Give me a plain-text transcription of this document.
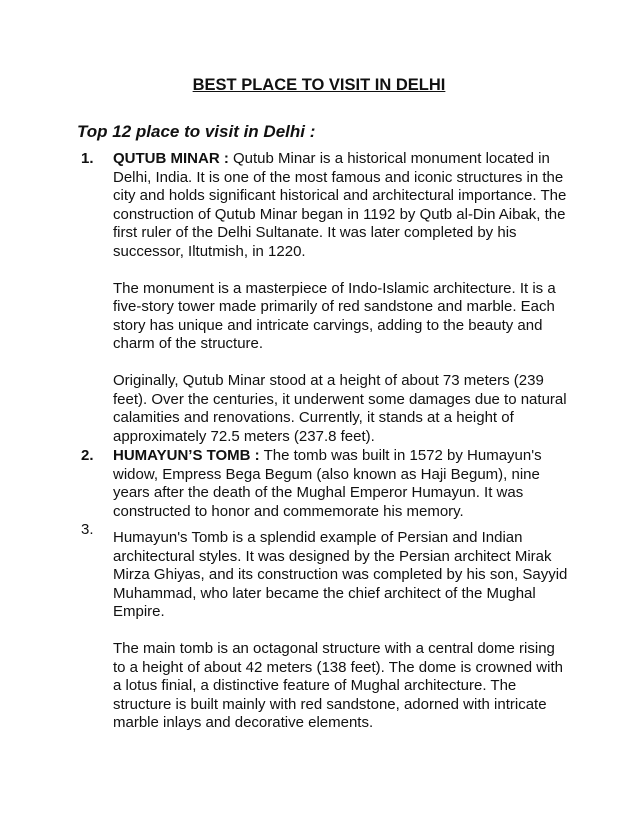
BEST PLACE TO VISIT IN DELHI
Top 12 place to visit in Delhi :
1.	QUTUB MINAR : Qutub Minar is a historical monument located in Delhi, India. It is one of the most famous and iconic structures in the city and holds significant historical and architectural importance. The construction of Qutub Minar began in 1192 by Qutb al-Din Aibak, the first ruler of the Delhi Sultanate. It was later completed by his successor, Iltutmish, in 1220.

The monument is a masterpiece of Indo-Islamic architecture. It is a five-story tower made primarily of red sandstone and marble. Each story has unique and intricate carvings, adding to the beauty and charm of the structure.

Originally, Qutub Minar stood at a height of about 73 meters (239 feet). Over the centuries, it underwent some damages due to natural calamities and renovations. Currently, it stands at a height of approximately 72.5 meters (237.8 feet).

2.	HUMAYUN’S TOMB : The tomb was built in 1572 by Humayun's widow, Empress Bega Begum (also known as Haji Begum), nine years after the death of the Mughal Emperor Humayun. It was constructed to honor and commemorate his memory.

3.	Humayun's Tomb is a splendid example of Persian and Indian architectural styles. It was designed by the Persian architect Mirak Mirza Ghiyas, and its construction was completed by his son, Sayyid Muhammad, who later became the chief architect of the Mughal Empire.

The main tomb is an octagonal structure with a central dome rising to a height of about 42 meters (138 feet). The dome is crowned with a lotus finial, a distinctive feature of Mughal architecture. The structure is built mainly with red sandstone, adorned with intricate marble inlays and decorative elements.
